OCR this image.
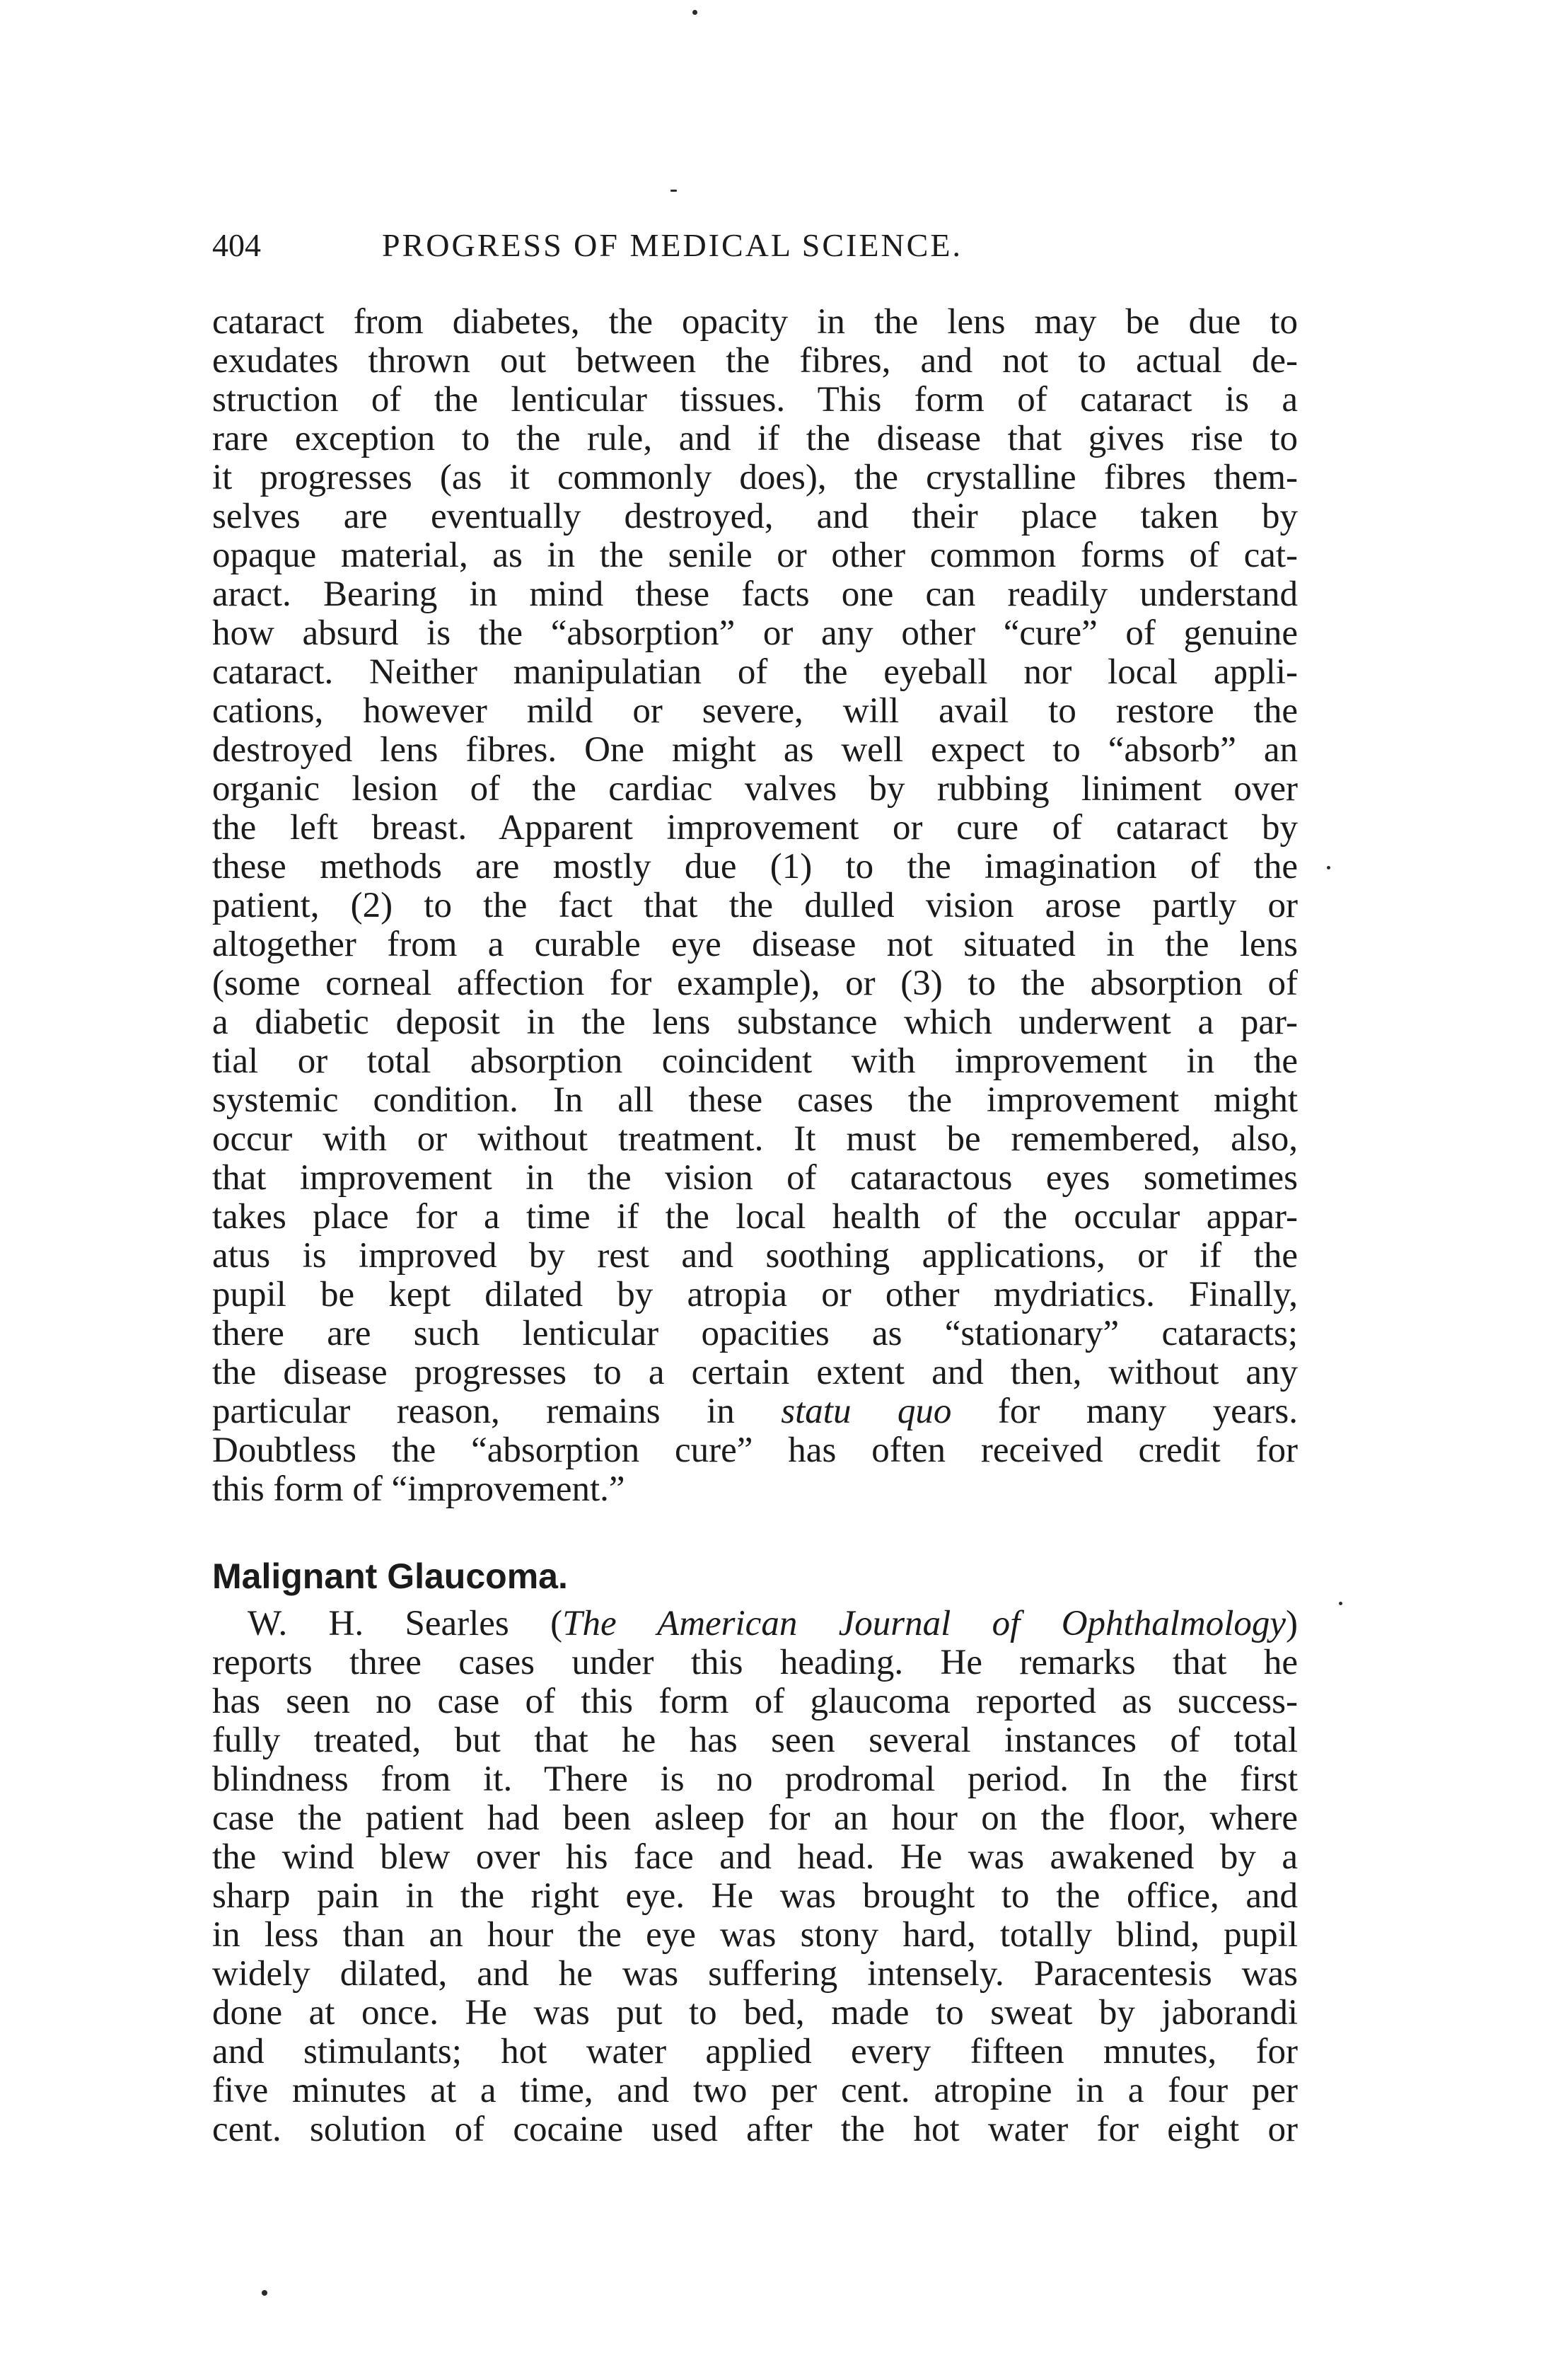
404	PROGRESS OF MEDICAL SCIENCE.
cataract from diabetes, the opacity in the lens may be due to
exudates thrown out between the fibres, and not to actual de-
struction of the lenticular tissues. This form of cataract is a
rare exception to the rule, and if the disease that gives rise to
it progresses (as it commonly does), the crystalline fibres them-
selves are eventually destroyed, and their place taken by
opaque material, as in the senile or other common forms of cat-
aract. Bearing in mind these facts one can readily understand
how absurd is the “absorption” or any other “cure” of genuine
cataract. Neither manipulatian of the eyeball nor local appli-
cations, however mild or severe, will avail to restore the
destroyed lens fibres. One might as well expect to “absorb” an
organic lesion of the cardiac valves by rubbing liniment over
the left breast. Apparent improvement or cure of cataract by
these methods are mostly due (1) to the imagination of the
patient, (2) to the fact that the dulled vision arose partly or
altogether from a curable eye disease not situated in the lens
(some corneal affection for example), or (3) to the absorption of
a diabetic deposit in the lens substance which underwent a par-
tial or total absorption coincident with improvement in the
systemic condition. In all these cases the improvement might
occur with or without treatment. It must be remembered, also,
that improvement in the vision of cataractous eyes sometimes
takes place for a time if the local health of the occular appar-
atus is improved by rest and soothing applications, or if the
pupil be kept dilated by atropia or other mydriatics. Finally,
there are such lenticular opacities as “stationary” cataracts;
the disease progresses to a certain extent and then, without any
particular reason, remains in statu quo for many years.
Doubtless the “absorption cure” has often received credit for
this form of “improvement.”
Malignant Glaucoma.
W. H. Searles (The American Journal of Ophthalmology)
reports three cases under this heading. He remarks that he
has seen no case of this form of glaucoma reported as success-
fully treated, but that he has seen several instances of total
blindness from it. There is no prodromal period. In the first
case the patient had been asleep for an hour on the floor, where
the wind blew over his face and head. He was awakened by a
sharp pain in the right eye. He was brought to the office, and
in less than an hour the eye was stony hard, totally blind, pupil
widely dilated, and he was suffering intensely. Paracentesis was
done at once. He was put to bed, made to sweat by jaborandi
and stimulants; hot water applied every fifteen mnutes, for
five minutes at a time, and two per cent. atropine in a four per
cent. solution of cocaine used after the hot water for eight or
